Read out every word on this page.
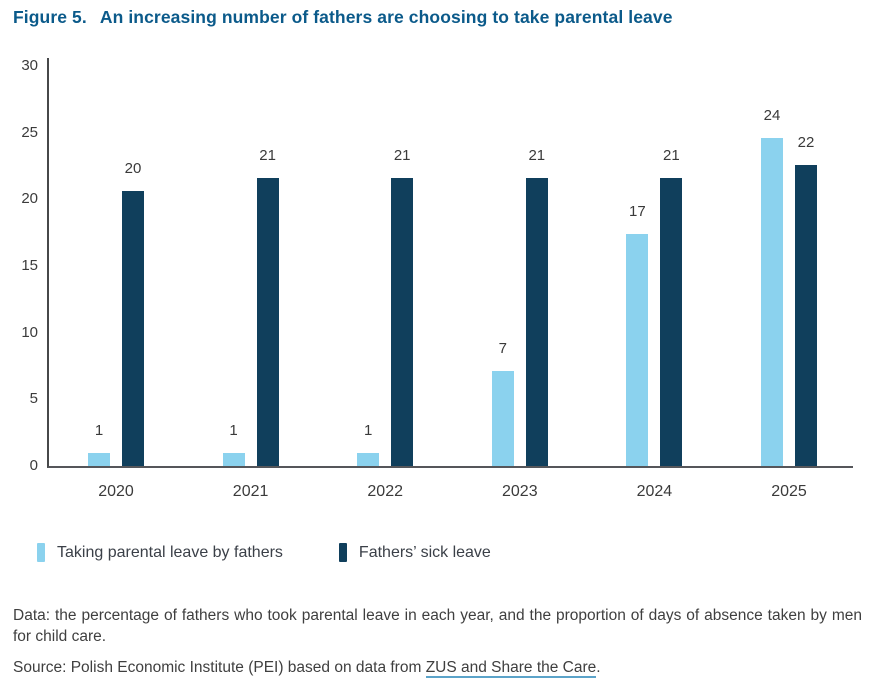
Figure 5. An increasing number of fathers are choosing to take parental leave
0
5
10
15
20
25
30
1
20
2020
1
21
2021
1
21
2022
7
21
2023
17
21
2024
24
22
2025
Taking parental leave by fathers	Fathers’ sick leave

Data: the percentage of fathers who took parental leave in each year, and the proportion of days of absence taken by men for child care.

Source: Polish Economic Institute (PEI) based on data from ZUS and Share the Care.
